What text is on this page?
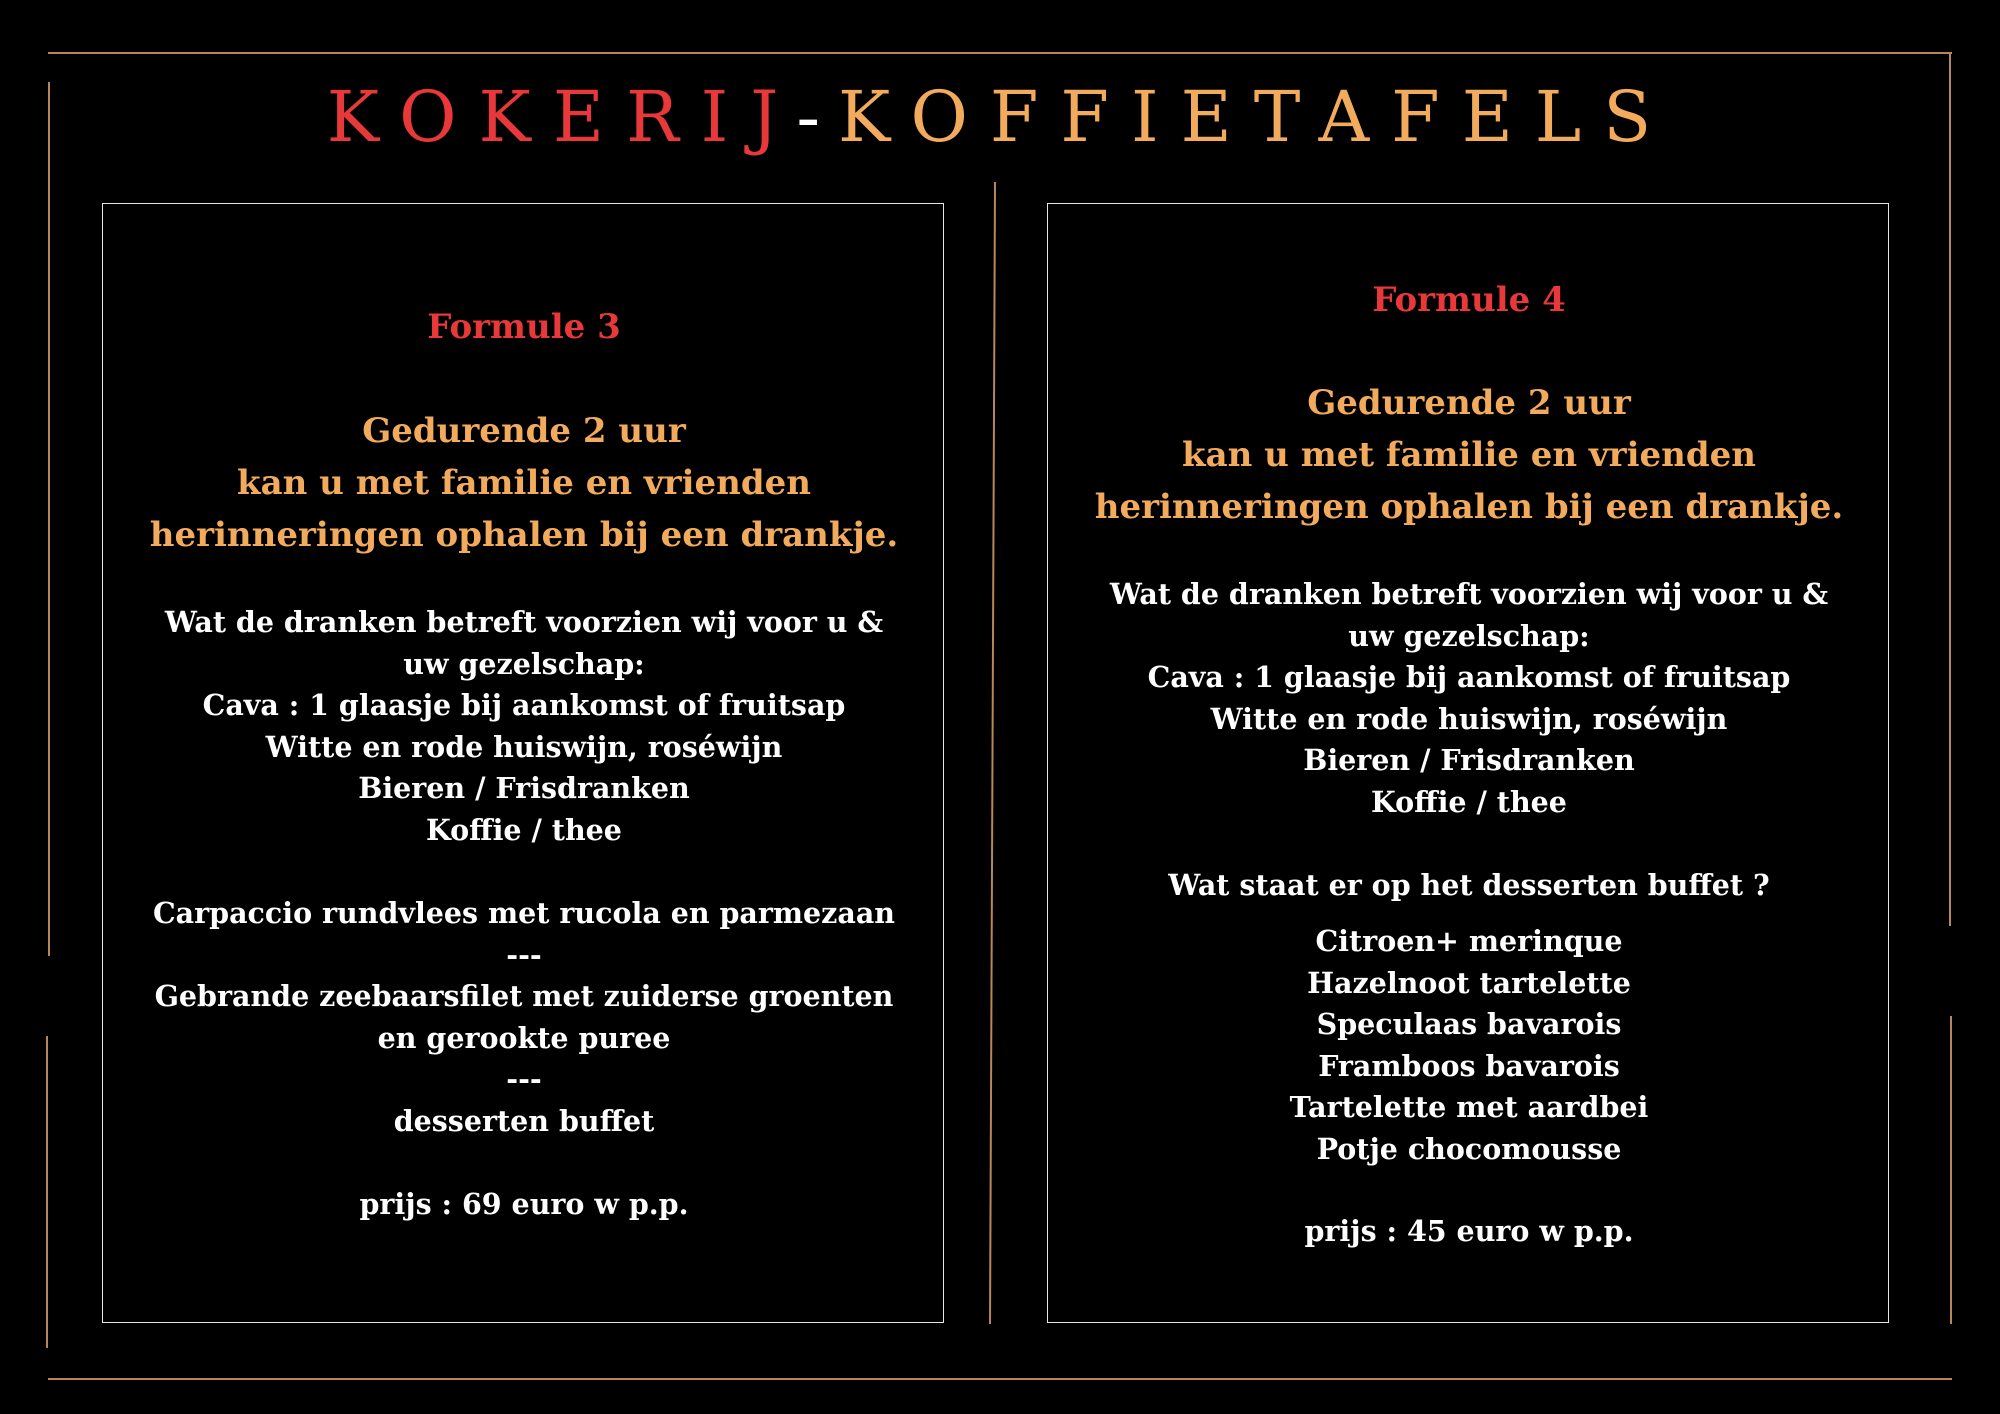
KOKERIJ- KOFFIETAFELS
Formule 3
Gedurende 2 uur
kan u met familie en vrienden
herinneringen ophalen bij een drankje.
Wat de dranken betreft voorzien wij voor u & uw gezelschap:
Cava : 1 glaasje bij aankomst of fruitsap
Witte en rode huiswijn, roséwijn
Bieren / Frisdranken
Koffie / thee
Carpaccio rundvlees met rucola en parmezaan
---
Gebrande zeebaarsfilet met zuiderse groenten en gerookte puree
---
desserten buffet
prijs : 69 euro w p.p.
Formule 4
Gedurende 2 uur
kan u met familie en vrienden
herinneringen ophalen bij een drankje.
Wat de dranken betreft voorzien wij voor u & uw gezelschap:
Cava : 1 glaasje bij aankomst of fruitsap
Witte en rode huiswijn, roséwijn
Bieren / Frisdranken
Koffie / thee
Wat staat er op het desserten buffet ?
Citroen+ merinque
Hazelnoot tartelette
Speculaas bavarois
Framboos bavarois
Tartelette met aardbei
Potje chocomousse
prijs : 45 euro w p.p.
